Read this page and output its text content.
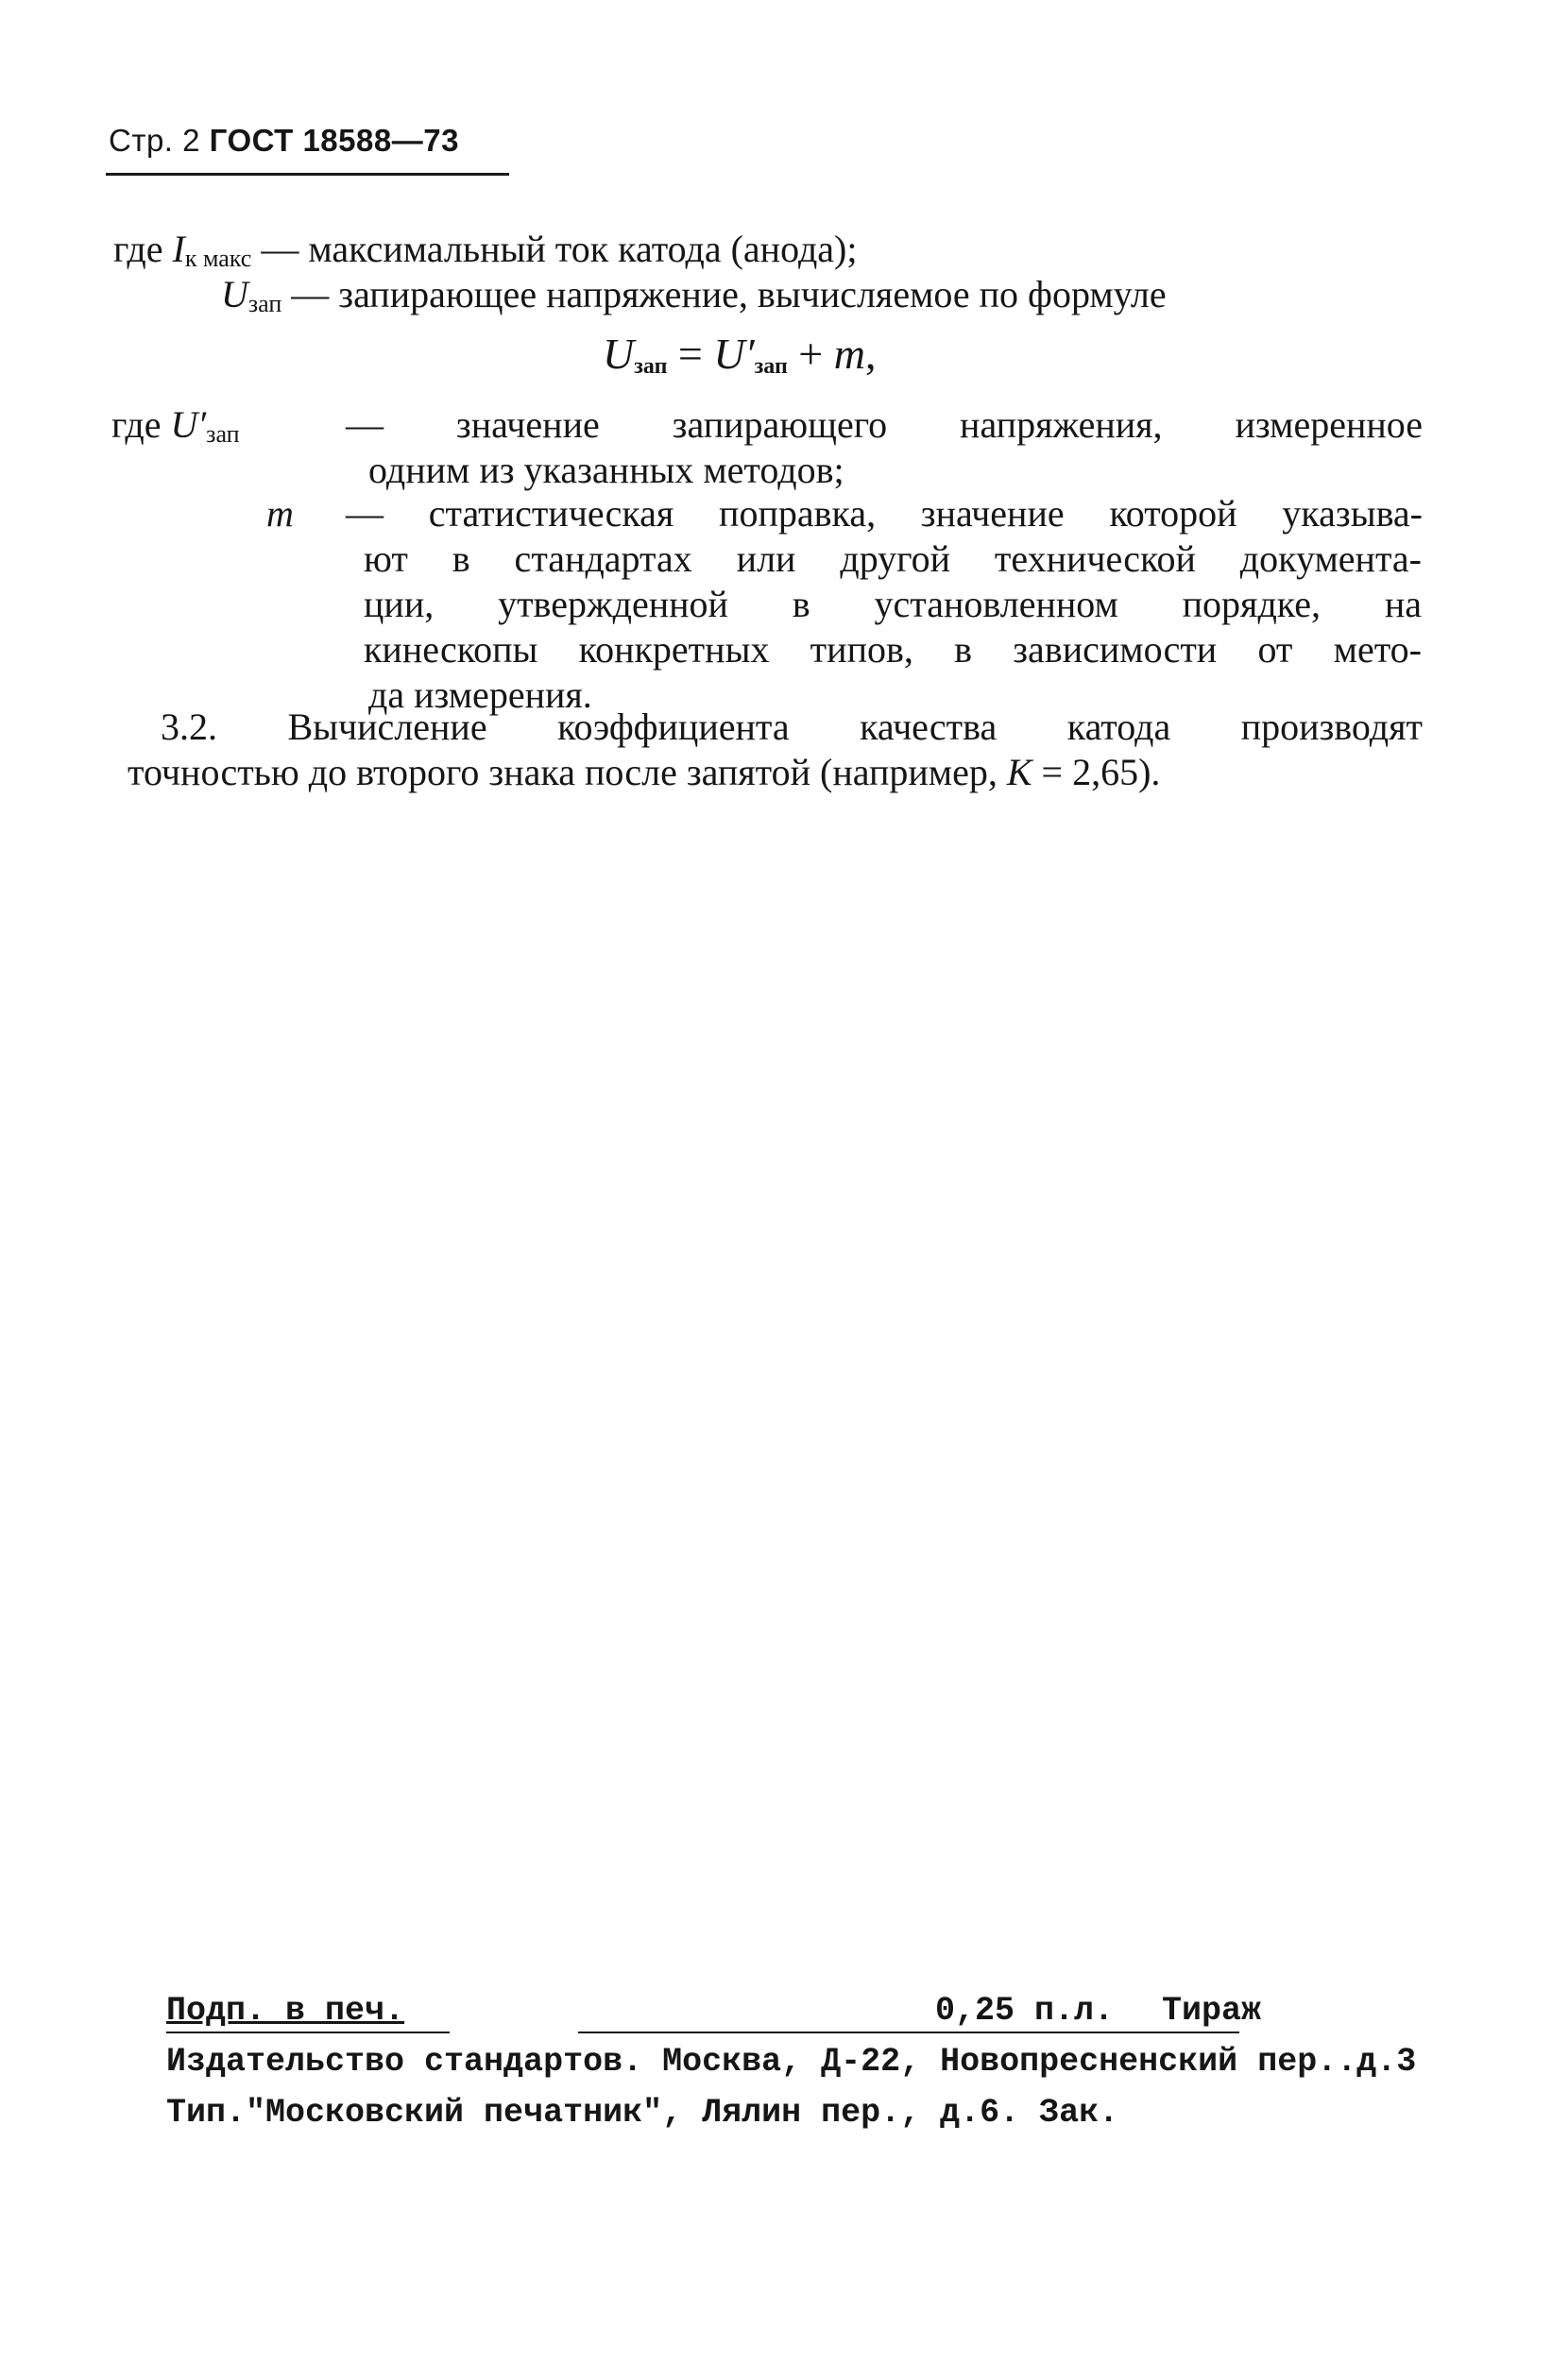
Стр. 2 ГОСТ 18588—73
где Iк макс — максимальный ток катода (анода);
Uзап — запирающее напряжение, вычисляемое по формуле
Uзап = U′зап + m,
где U′зап	— значение запирающего напряжения, измеренное
одним из указанных методов;
m — статистическая поправка, значение которой указыва-
ют в стандартах или другой технической документа-
ции, утвержденной в установленном порядке, на
кинескопы конкретных типов, в зависимости от мето-
да измерения.
3.2. Вычисление коэффициента качества катода производят
точностью до второго знака после запятой (например, K = 2,65).
Подп. в печ.	0,25 п.л. Тираж
Издательство стандартов. Москва, Д-22, Новопресненский пер..д.3
Тип."Московский печатник", Лялин пер., д.6. Зак.
